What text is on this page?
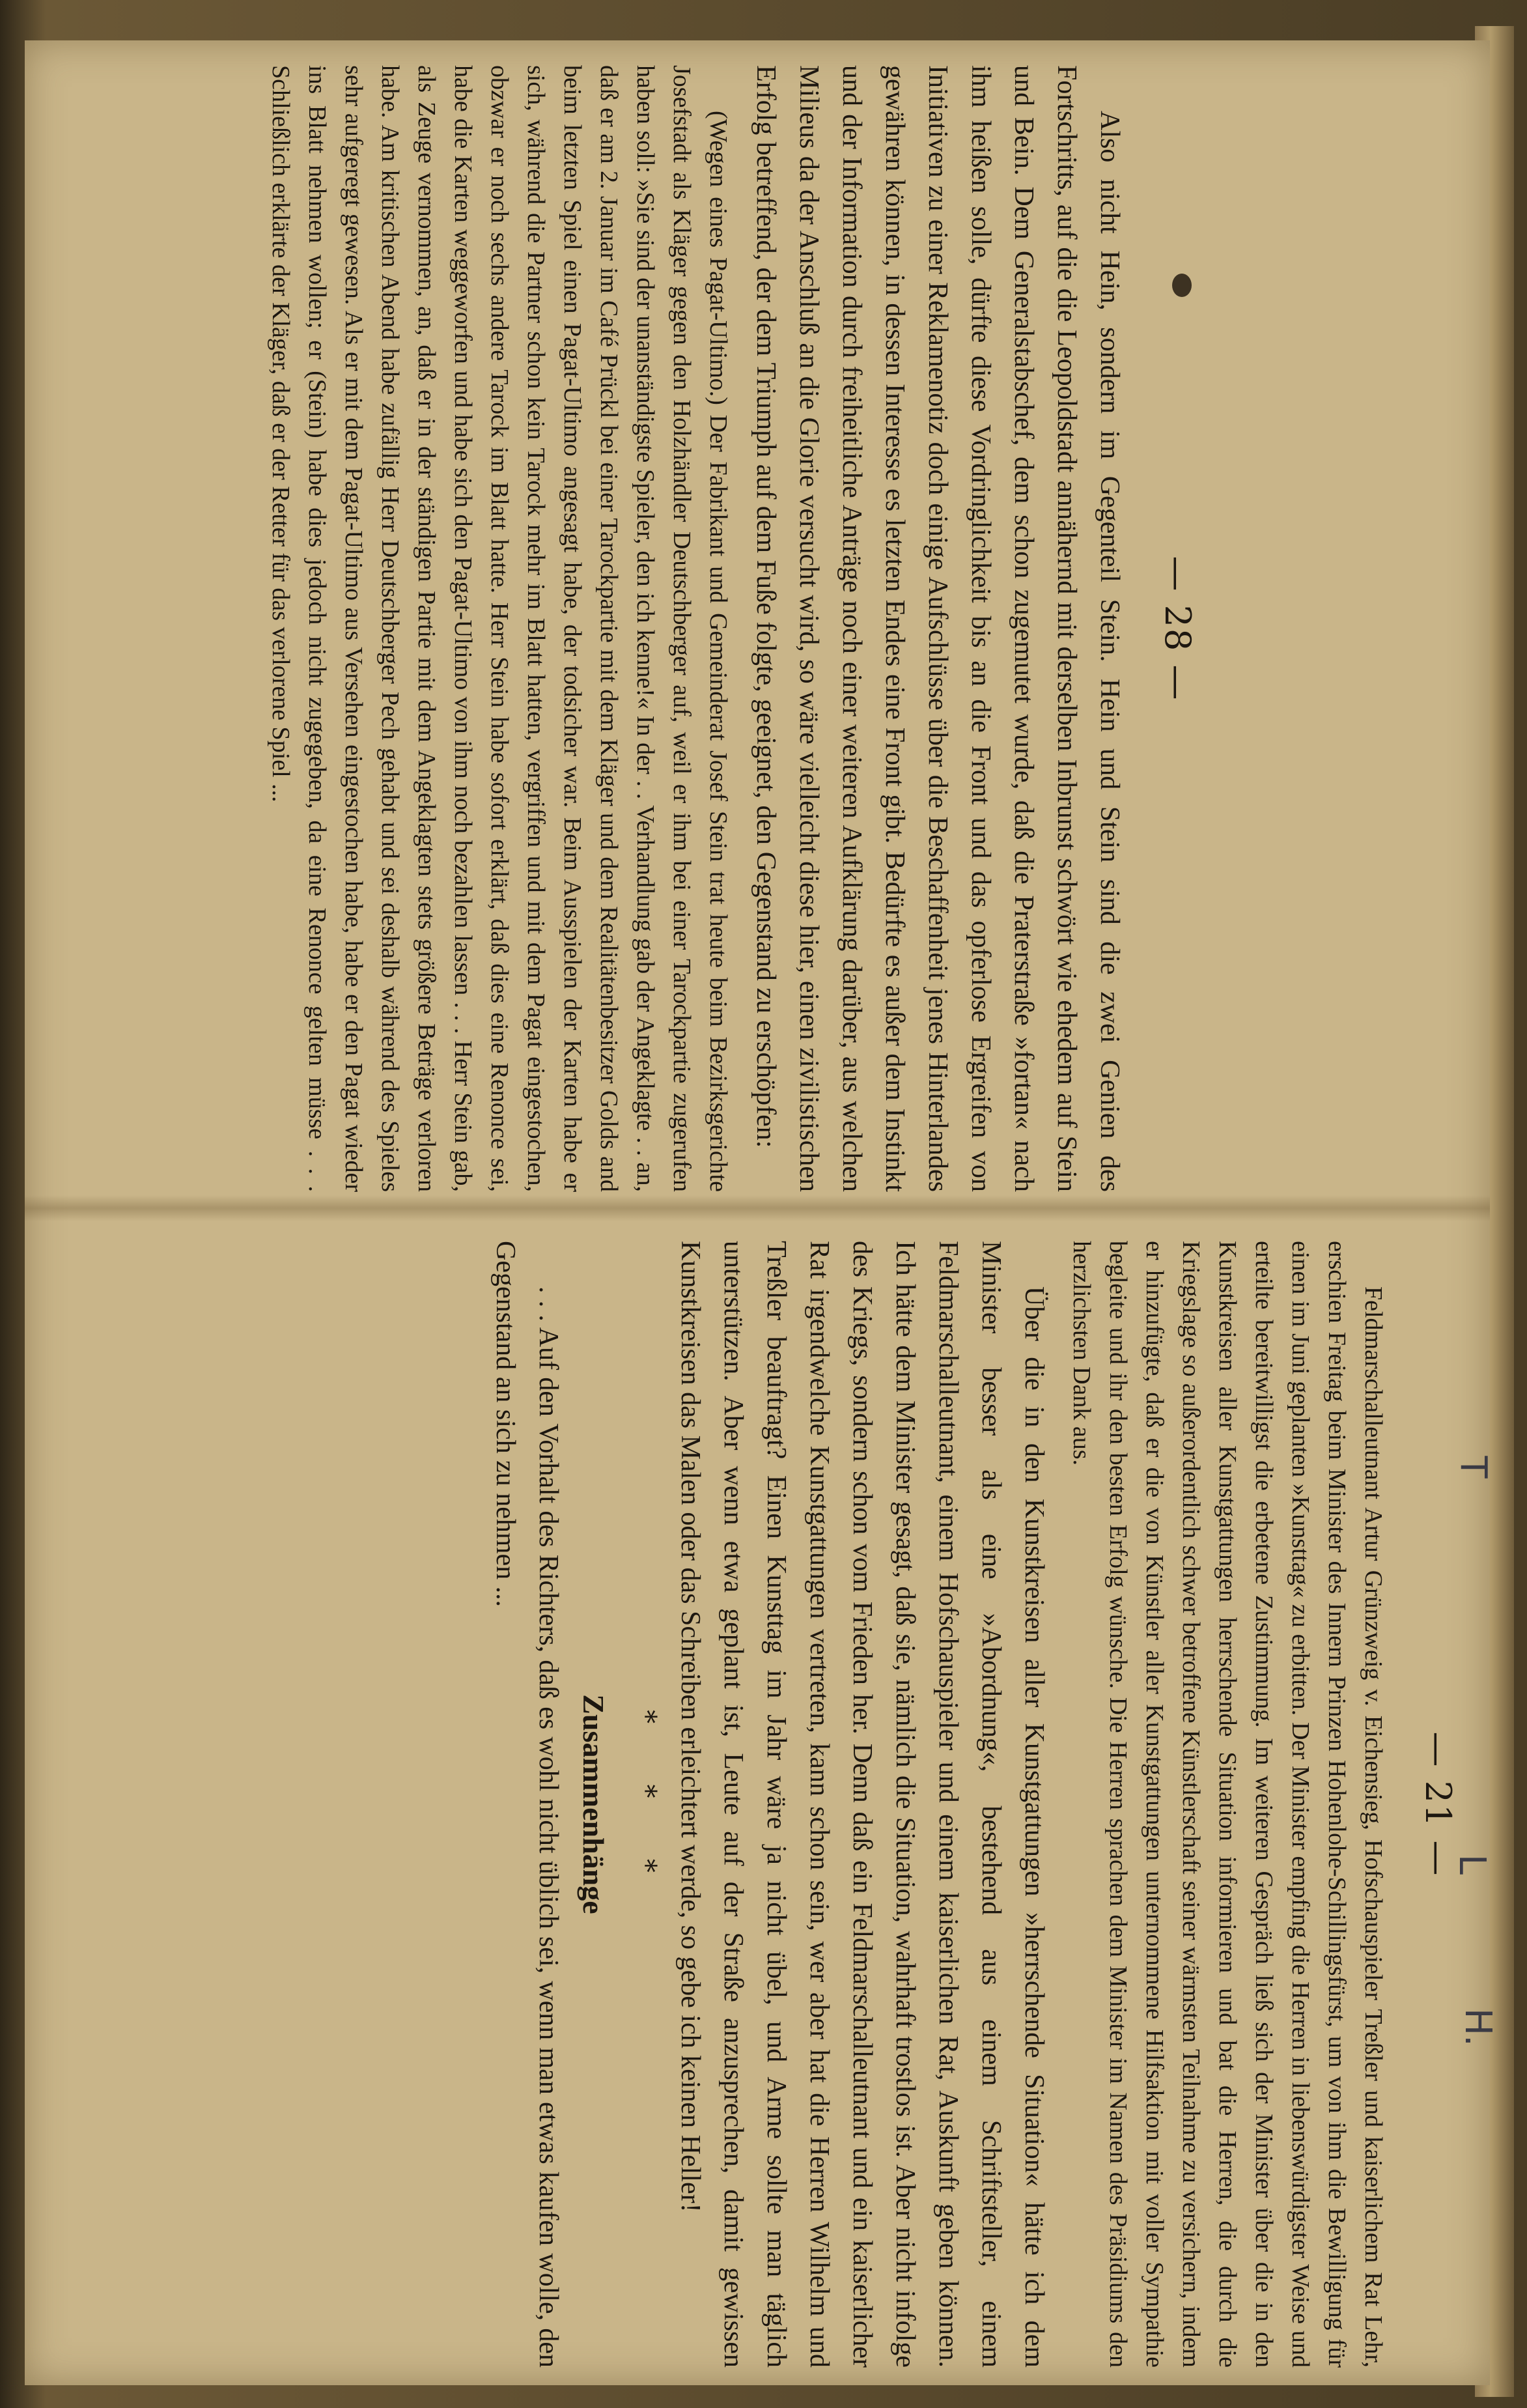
— 28 —

Also nicht Hein, sondern im Gegenteil Stein. Hein und Stein sind die zwei Genien des Fortschritts, auf die die Leopoldstadt annähernd mit derselben Inbrunst schwört wie ehedem auf Stein und Bein. Dem Generalstabschef, dem schon zugemutet wurde, daß die Praterstraße »fortan« nach ihm heißen solle, dürfte diese Vordringlichkeit bis an die Front und das opferlose Ergreifen von Initiativen zu einer Reklamenotiz doch einige Aufschlüsse über die Beschaffenheit jenes Hinterlandes gewähren können, in dessen Interesse es letzten Endes eine Front gibt. Bedürfte es außer dem Instinkt und der Information durch freiheitliche Anträge noch einer weiteren Aufklärung darüber, aus welchen Milieus da der Anschluß an die Glorie versucht wird, so wäre vielleicht diese hier, einen zivilistischen Erfolg betreffend, der dem Triumph auf dem Fuße folgte, geeignet, den Gegenstand zu erschöpfen:

(Wegen eines Pagat-Ultimo.) Der Fabrikant und Gemeinderat Josef Stein trat heute beim Bezirksgerichte Josefstadt als Kläger gegen den Holzhändler Deutschberger auf, weil er ihm bei einer Tarockpartie zugerufen haben soll: »Sie sind der unanständigste Spieler, den ich kenne!« In der . . Verhandlung gab der Angeklagte . . an, daß er am 2. Januar im Café Prückl bei einer Tarockpartie mit dem Kläger und dem Realitätenbesitzer Golds and beim letzten Spiel einen Pagat-Ultimo angesagt habe, der todsicher war. Beim Ausspielen der Karten habe er sich, während die Partner schon kein Tarock mehr im Blatt hatten, vergriffen und mit dem Pagat eingestochen, obzwar er noch sechs andere Tarock im Blatt hatte. Herr Stein habe sofort erklärt, daß dies eine Renonce sei, habe die Karten weggeworfen und habe sich den Pagat-Ultimo von ihm noch bezahlen lassen . . . Herr Stein gab, als Zeuge vernommen, an, daß er in der ständigen Partie mit dem Angeklagten stets größere Beträge verloren habe. Am kritischen Abend habe zufällig Herr Deutschberger Pech gehabt und sei deshalb während des Spieles sehr aufgeregt gewesen. Als er mit dem Pagat-Ultimo aus Versehen eingestochen habe, habe er den Pagat wieder ins Blatt nehmen wollen; er (Stein) habe dies jedoch nicht zugegeben, da eine Renonce gelten müsse . . . Schließlich erklärte der Kläger, daß er der Retter für das verlorene Spiel ...

— 21 —

Feldmarschalleutnant Artur Grünzweig v. Eichensieg, Hofschauspieler Treßler und kaiserlichem Rat Lehr, erschien Freitag beim Minister des Innern Prinzen Hohenlohe-Schillingsfürst, um von ihm die Bewilligung für einen im Juni geplanten »Kunsttag« zu erbitten. Der Minister empfing die Herren in liebenswürdigster Weise und erteilte bereitwilligst die erbetene Zustimmung. Im weiteren Gespräch ließ sich der Minister über die in den Kunstkreisen aller Kunstgattungen herrschende Situation informieren und bat die Herren, die durch die Kriegslage so außerordentlich schwer betroffene Künstlerschaft seiner wärmsten Teilnahme zu versichern, indem er hinzufügte, daß er die von Künstler aller Kunstgattungen unternommene Hilfsaktion mit voller Sympathie begleite und ihr den besten Erfolg wünsche. Die Herren sprachen dem Minister im Namen des Präsidiums den herzlichsten Dank aus.

Über die in den Kunstkreisen aller Kunstgattungen »herrschende Situation« hätte ich dem Minister besser als eine »Abordnung«, bestehend aus einem Schriftsteller, einem Feldmarschalleutnant, einem Hofschauspieler und einem kaiserlichen Rat, Auskunft geben können. Ich hätte dem Minister gesagt, daß sie, nämlich die Situation, wahrhaft trostlos ist. Aber nicht infolge des Kriegs, sondern schon vom Frieden her. Denn daß ein Feldmarschalleutnant und ein kaiserlicher Rat irgendwelche Kunstgattungen vertreten, kann schon sein, wer aber hat die Herren Wilhelm und Treßler beauftragt? Einen Kunsttag im Jahr wäre ja nicht übel, und Arme sollte man täglich unterstützen. Aber wenn etwa geplant ist, Leute auf der Straße anzusprechen, damit gewissen Kunstkreisen das Malen oder das Schreiben erleichtert werde, so gebe ich keinen Heller!

* * *
Zusammenhänge

. . . Auf den Vorhalt des Richters, daß es wohl nicht üblich sei, wenn man etwas kaufen wolle, den Gegenstand an sich zu nehmen ...	T
L
H.
